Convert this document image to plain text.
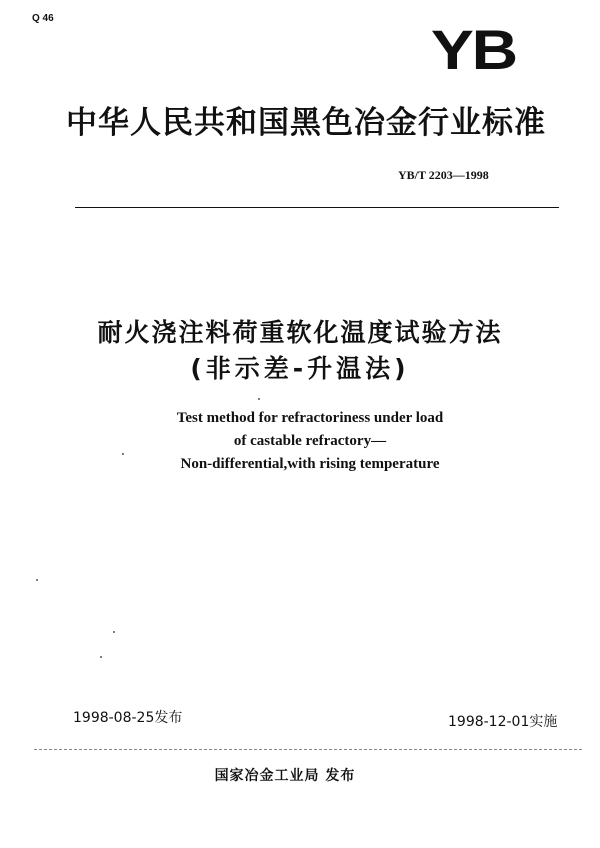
Q 46	YB
中华人民共和国黑色冶金行业标准
YB/T 2203—1998
耐火浇注料荷重软化温度试验方法
(非示差-升温法)
Test method for refractoriness under load
of castable refractory—
Non-differential,with rising temperature
1998-08-25发布	1998-12-01实施
国家冶金工业局 发布
